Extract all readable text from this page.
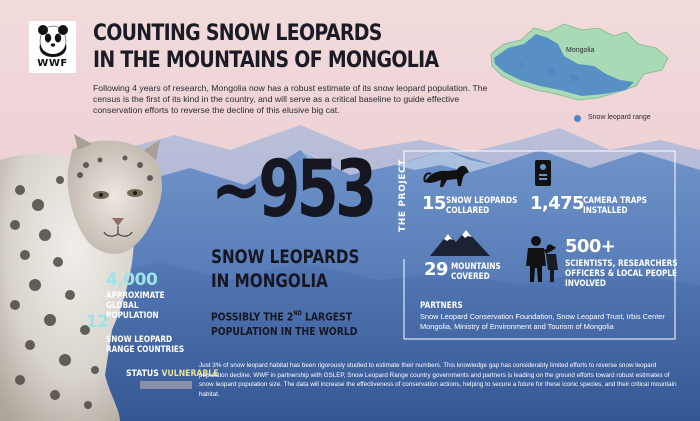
WWF
COUNTING SNOW LEOPARDS
IN THE MOUNTAINS OF MONGOLIA
Following 4 years of research, Mongolia now has a robust estimate of its snow leopard population. The census is the first of its kind in the country, and will serve as a critical baseline to guide effective conservation efforts to reverse the decline of this elusive big cat.
Mongolia
Snow leopard range
~953
SNOW LEOPARDS
IN MONGOLIA
POSSIBLY THE 2ND LARGEST
POPULATION IN THE WORLD
4,000
APPROXIMATE
GLOBAL
POPULATION
12
SNOW LEOPARD
RANGE COUNTRIES
STATUS VULNERABLE
THE PROJECT 15 SNOW LEOPARDS
COLLARED	1,475 CAMERA TRAPS
INSTALLED
29 MOUNTAINS
COVERED
500+
SCIENTISTS, RESEARCHERS
OFFICERS & LOCAL PEOPLE
INVOLVED
PARTNERS
Snow Leopard Conservation Foundation, Snow Leopard Trust, Irbis Center Mongolia, Ministry of Environment and Tourism of Mongolia
Just 3% of snow leopard habitat has been rigorously studied to estimate their numbers. This knowledge gap has considerably limited efforts to reverse snow leopard population decline. WWF in partnership with GSLEP, Snow Leopard Range country governments and partners is leading on the ground efforts toward robust estimates of snow leopard population size. The data will increase the effectiveness of conservation actions, helping to secure a future for these iconic species, and their critical mountain habitat.
